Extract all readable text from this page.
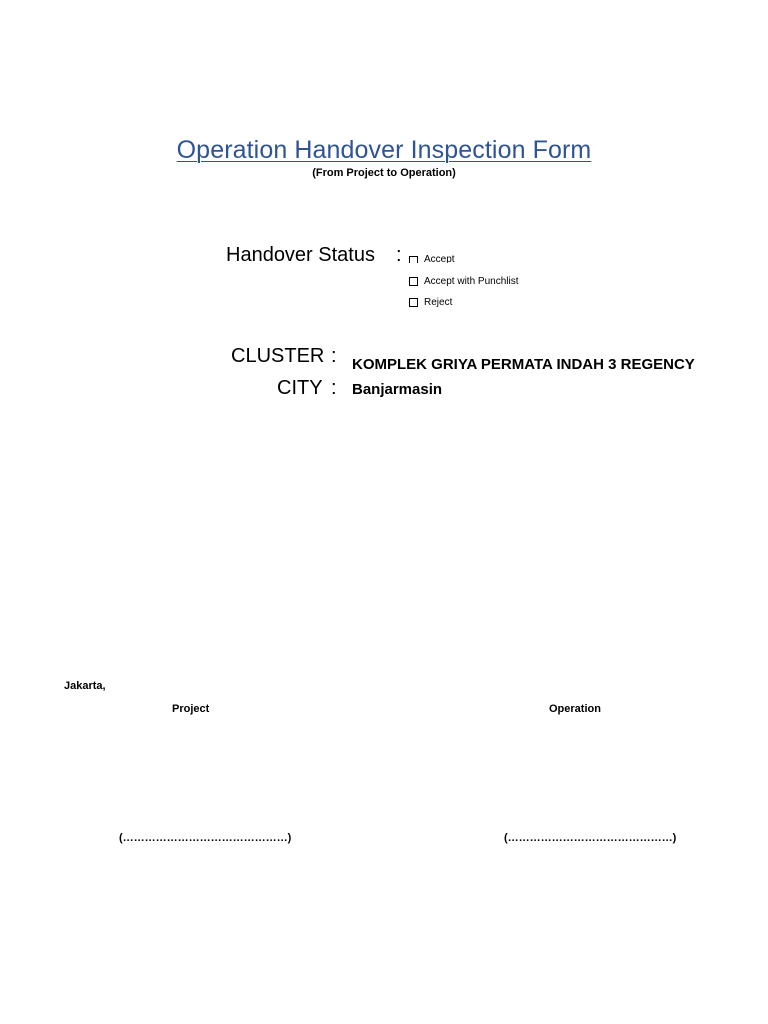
Operation Handover Inspection Form
(From Project to Operation)
Handover Status : Accept
Accept with Punchlist
Reject
CLUSTER : KOMPLEK GRIYA PERMATA INDAH 3 REGENCY
CITY : Banjarmasin
Jakarta,
Project	Operation
(………………………………………)	(………………………………………)
